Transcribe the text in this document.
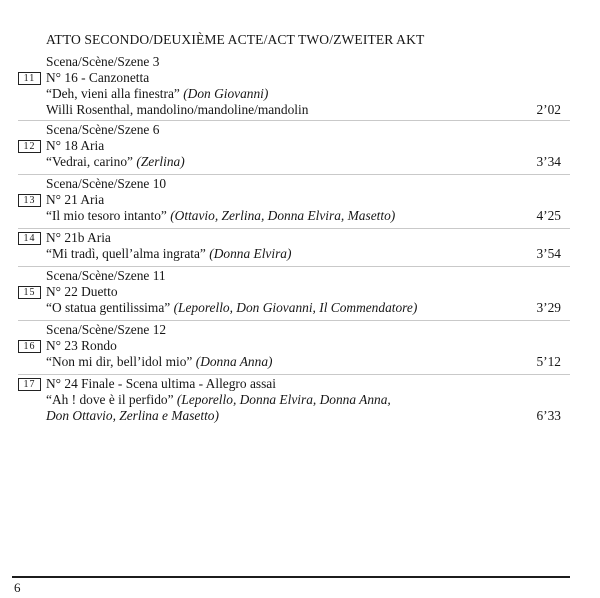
ATTO SECONDO/DEUXIÈME ACTE/ACT TWO/ZWEITER AKT
Scena/Scène/Szene 3
11 N° 16 - Canzonetta
“Deh, vieni alla finestra” (Don Giovanni)
Willi Rosenthal, mandolino/mandoline/mandolin	2’02
Scena/Scène/Szene 6
12 N° 18 Aria
“Vedrai, carino” (Zerlina)	3’34
Scena/Scène/Szene 10
13 N° 21 Aria
“Il mio tesoro intanto” (Ottavio, Zerlina, Donna Elvira, Masetto)	4’25
14 N° 21b Aria
“Mi tradì, quell’alma ingrata” (Donna Elvira)	3’54
Scena/Scène/Szene 11
15 N° 22 Duetto
“O statua gentilissima” (Leporello, Don Giovanni, Il Commendatore)	3’29
Scena/Scène/Szene 12
16 N° 23 Rondo
“Non mi dir, bell’idol mio” (Donna Anna)	5’12
17 N° 24 Finale - Scena ultima - Allegro assai
“Ah ! dove è il perfido” (Leporello, Donna Elvira, Donna Anna,
Don Ottavio, Zerlina e Masetto)	6’33
6
